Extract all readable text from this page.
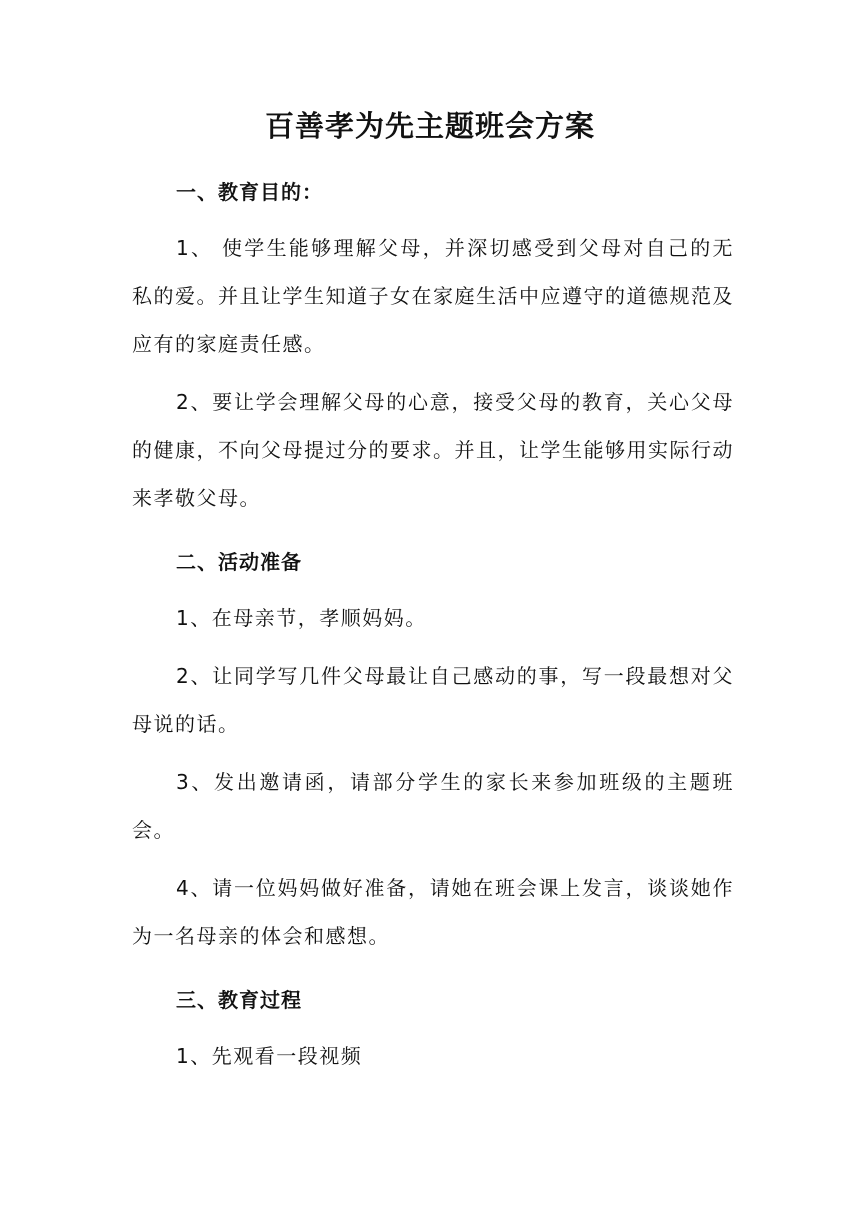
百善孝为先主题班会方案
一、教育目的：

1、 使学生能够理解父母，并深切感受到父母对自己的无私的爱。并且让学生知道子女在家庭生活中应遵守的道德规范及应有的家庭责任感。

2、要让学会理解父母的心意，接受父母的教育，关心父母的健康，不向父母提过分的要求。并且，让学生能够用实际行动来孝敬父母。

二、活动准备

1、在母亲节，孝顺妈妈。

2、让同学写几件父母最让自己感动的事，写一段最想对父母说的话。

3、发出邀请函，请部分学生的家长来参加班级的主题班会。

4、请一位妈妈做好准备，请她在班会课上发言，谈谈她作为一名母亲的体会和感想。

三、教育过程

1、先观看一段视频
